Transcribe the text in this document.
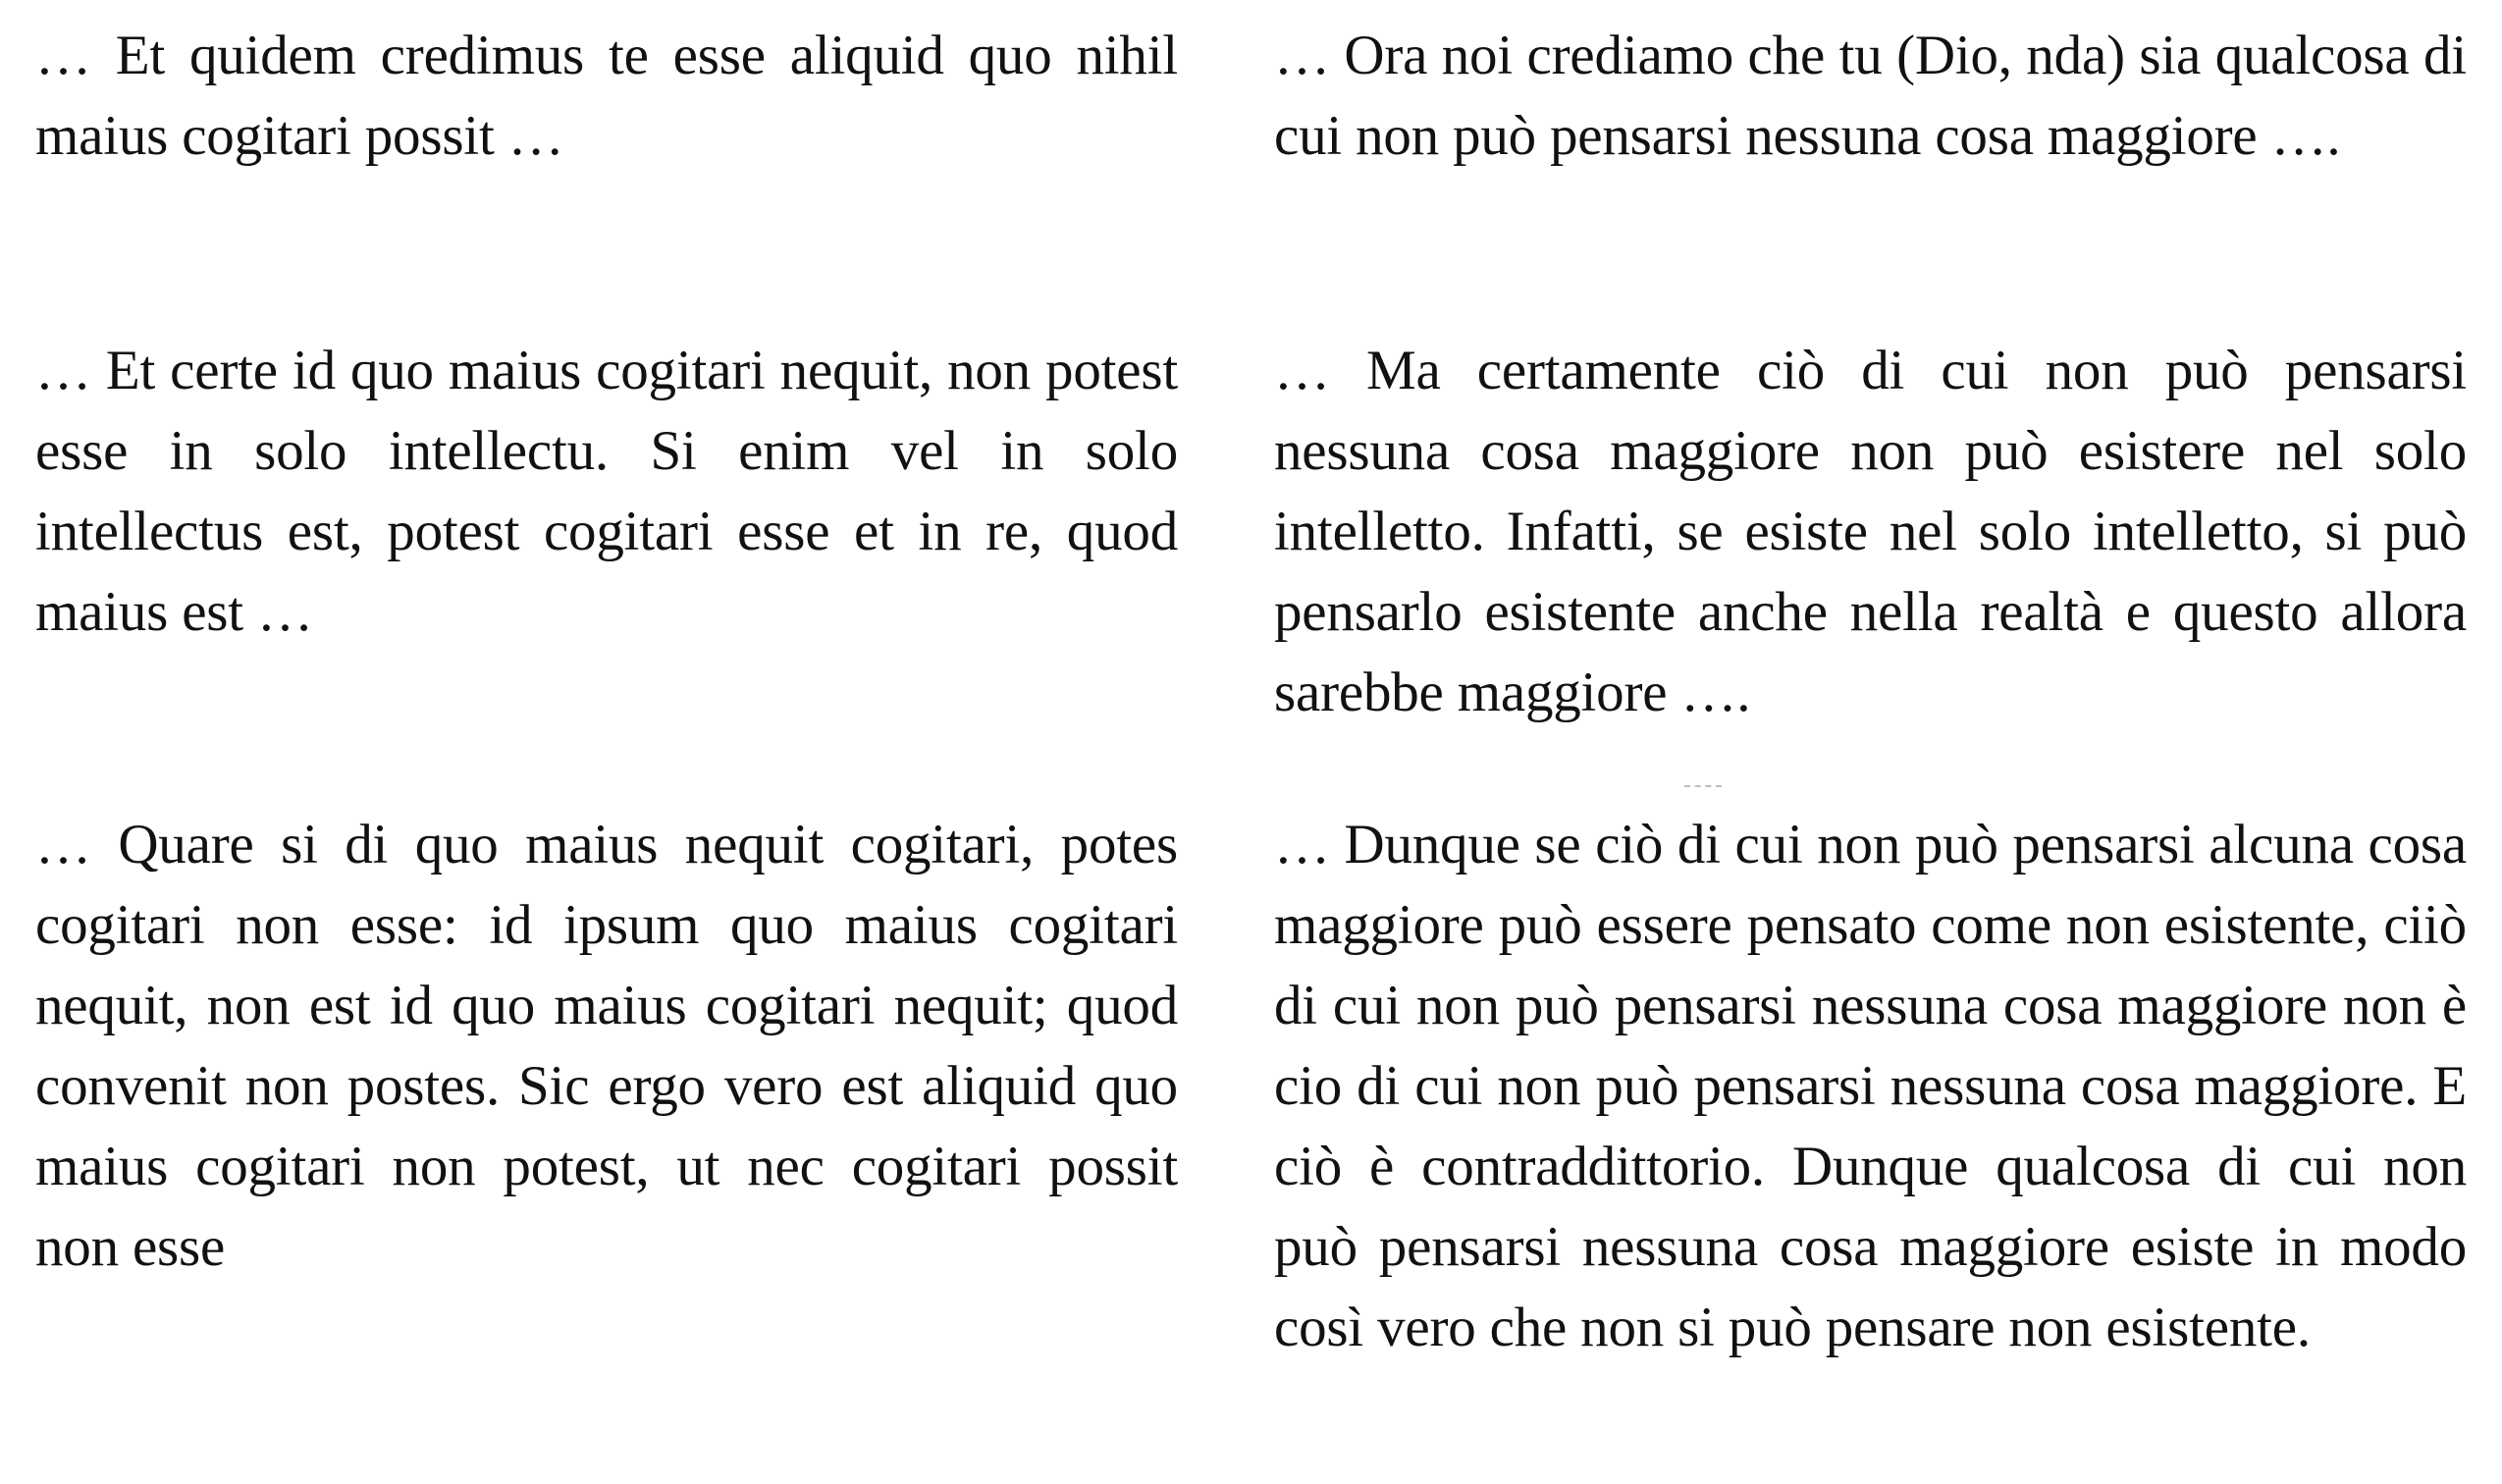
… Et quidem credimus te esse aliquid quo nihil maius cogitari possit …

… Ora noi crediamo che tu (Dio, nda) sia qualcosa di cui non può pensarsi nessuna cosa maggiore ….

… Et certe id quo maius cogitari nequit, non potest esse in solo intellectu. Si enim vel in solo intellectus est, potest cogitari esse et in re, quod maius est …

… Ma certamente ciò di cui non può pensarsi nessuna cosa maggiore non può esistere nel solo intelletto. Infatti, se esiste nel solo intelletto, si può pensarlo esistente anche nella realtà e questo allora sarebbe maggiore ….

… Quare si di quo maius nequit cogitari, potes cogitari non esse: id ipsum quo maius cogitari nequit, non est id quo maius cogitari nequit; quod convenit non postes. Sic ergo vero est aliquid quo maius cogitari non potest, ut nec cogitari possit non esse

… Dunque se ciò di cui non può pensarsi alcuna cosa maggiore può essere pensato come non esistente, ciiò di cui non può pensarsi nessuna cosa maggiore non è cio di cui non può pensarsi nessuna cosa maggiore. E ciò è contraddittorio. Dunque qualcosa di cui non può pensarsi nessuna cosa maggiore esiste in modo così vero che non si può pensare non esistente.
